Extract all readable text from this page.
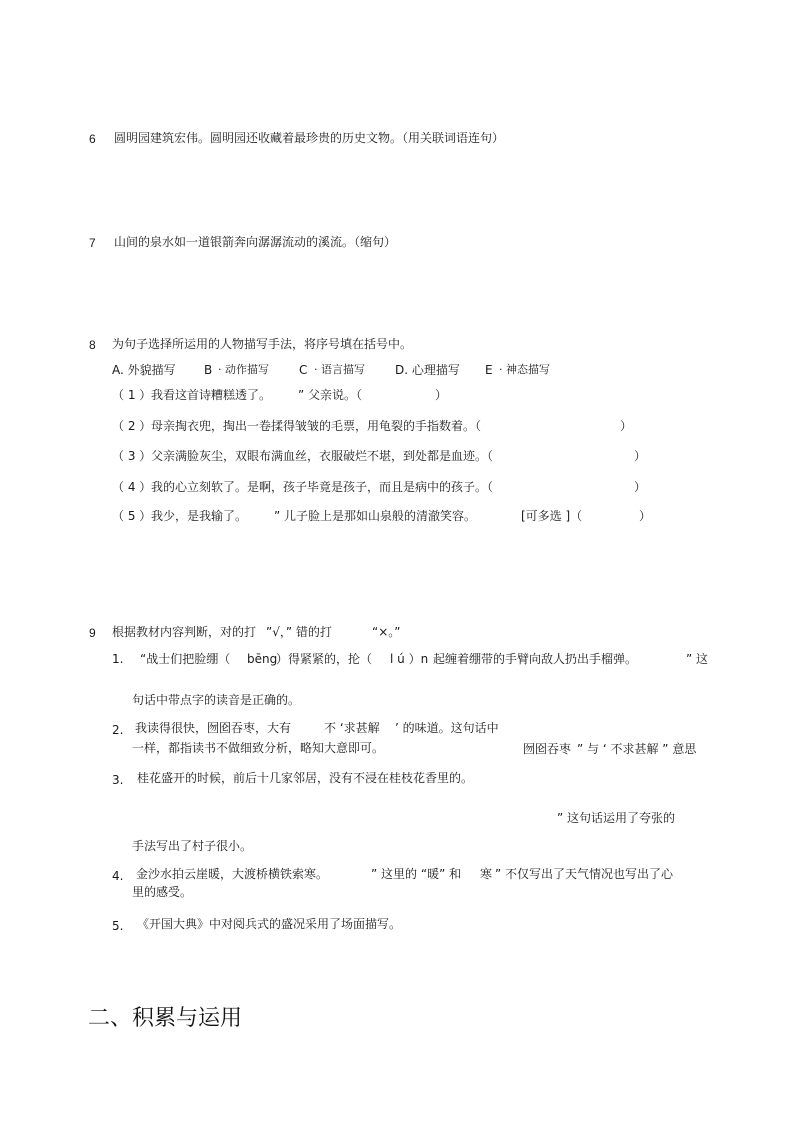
6 圆明园建筑宏伟。圆明园还收藏着最珍贵的历史文物。（用关联词语连句）
7 山间的泉水如一道银箭奔向潺潺流动的溪流。（缩句）
8 为句子选择所运用的人物描写手法，将序号填在括号中。
A. 外貌描写 B · 动作描写	C · 语言描写	D. 心理描写 E · 神态描写
（ 1 ） 我看这首诗糟糕透了。 ” 父亲说。（	）
（ 2 ） 母亲掏衣兜，掏出一卷揉得皱皱的毛票，用龟裂的手指数着。（	）
（ 3 ） 父亲满脸灰尘，双眼布满血丝，衣服破烂不堪，到处都是血迹。（	）
（ 4 ） 我的心立刻软了。是啊，孩子毕竟是孩子，而且是病中的孩子。（	）
（ 5 ） 我少，是我输了。 ” 儿子脸上是那如山泉般的清澈笑容。	[可多选 ]（	）
9 根据教材内容判断，对的打 ”√，” 错的打	“×。”
1. “战士们把脸绷（ bēng
）得紧紧的，抡（ l ú ）n 起缠着绷带的手臂向敌人扔出手榴弹。	” 这
句话中带点字的读音是正确的。
2. 我读得很快，囫囵吞枣，大有	不 ‘求甚解 ’ 的味道。这句话中
一样，都指读书不做细致分析，略知大意即可。	囫囵吞枣 ” 与 ‘ 不求甚解 ” 意思
3. 桂花盛开的时候，前后十几家邻居，没有不浸在桂枝花香里的。
” 这句话运用了夸张的
手法写出了村子很小。
4. 金沙水拍云崖暖，大渡桥横铁索寒。	” 这里的 “暖” 和 寒 ” 不仅写出了天气情况也写出了心
里的感受。
5. 《开国大典》中对阅兵式的盛况采用了场面描写。
二、积累与运用
